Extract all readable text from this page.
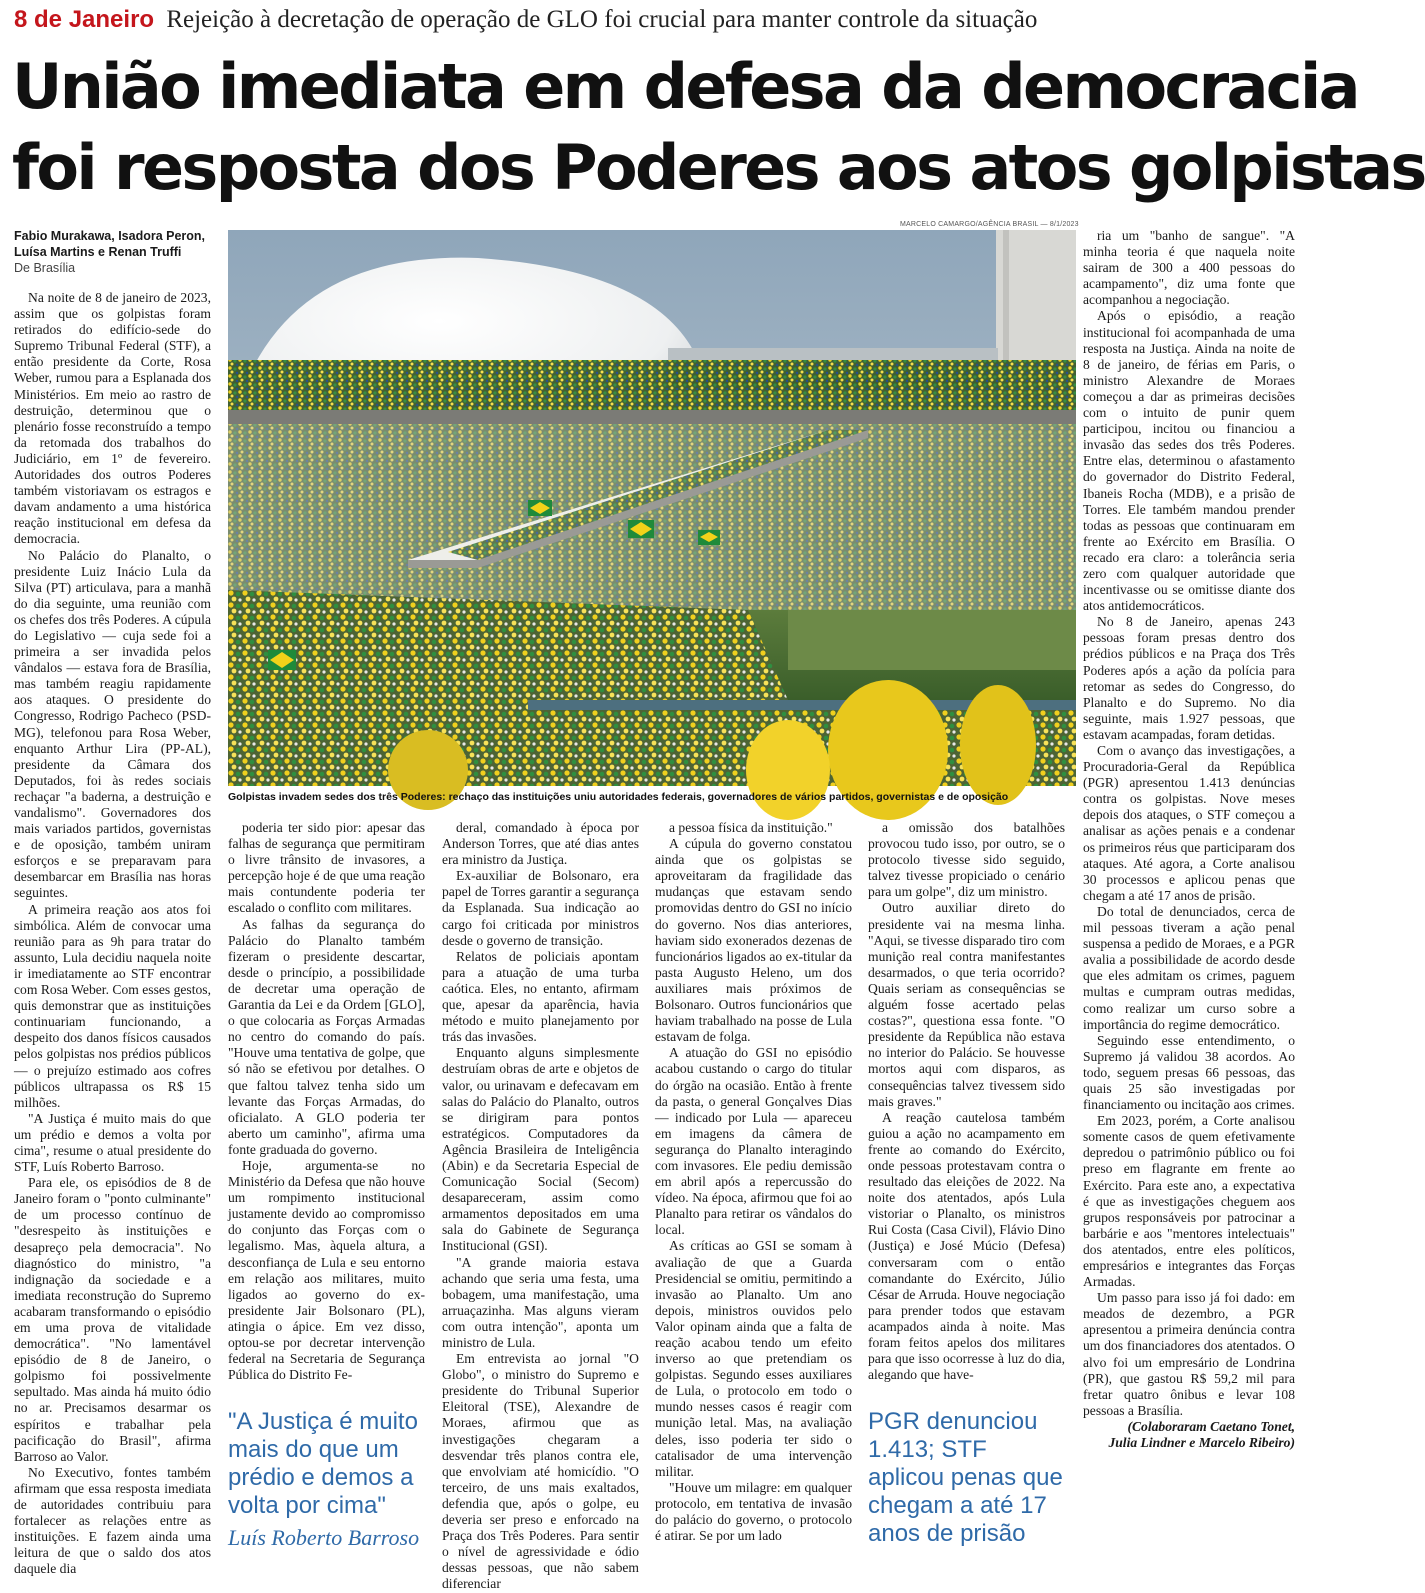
8 de Janeiro Rejeição à decretação de operação de GLO foi crucial para manter controle da situação
União imediata em defesa da democracia
foi resposta dos Poderes aos atos golpistas
Fabio Murakawa, Isadora Peron,
Luísa Martins e Renan Truffi
De Brasília
MARCELO CAMARGO/AGÊNCIA BRASIL — 8/1/2023
Golpistas invadem sedes dos três Poderes: rechaço das instituições uniu autoridades federais, governadores de vários partidos, governistas e de oposição

Na noite de 8 de janeiro de 2023, assim que os golpistas foram retirados do edifício-sede do Supremo Tribunal Federal (STF), a então presidente da Corte, Rosa Weber, rumou para a Esplanada dos Ministérios. Em meio ao rastro de destruição, determinou que o plenário fosse reconstruído a tempo da retomada dos trabalhos do Judiciário, em 1º de fevereiro. Autoridades dos outros Poderes também vistoriavam os estragos e davam andamento a uma histórica reação institucional em defesa da democracia.

No Palácio do Planalto, o presidente Luiz Inácio Lula da Silva (PT) articulava, para a manhã do dia seguinte, uma reunião com os chefes dos três Poderes. A cúpula do Legislativo — cuja sede foi a primeira a ser invadida pelos vândalos — estava fora de Brasília, mas também reagiu rapidamente aos ataques. O presidente do Congresso, Rodrigo Pacheco (PSD-MG), telefonou para Rosa Weber, enquanto Arthur Lira (PP-AL), presidente da Câmara dos Deputados, foi às redes sociais rechaçar "a baderna, a destruição e vandalismo". Governadores dos mais variados partidos, governistas e de oposição, também uniram esforços e se preparavam para desembarcar em Brasília nas horas seguintes.

A primeira reação aos atos foi simbólica. Além de convocar uma reunião para as 9h para tratar do assunto, Lula decidiu naquela noite ir imediatamente ao STF encontrar com Rosa Weber. Com esses gestos, quis demonstrar que as instituições continuariam funcionando, a despeito dos danos físicos causados pelos golpistas nos prédios públicos — o prejuízo estimado aos cofres públicos ultrapassa os R$ 15 milhões.

"A Justiça é muito mais do que um prédio e demos a volta por cima", resume o atual presidente do STF, Luís Roberto Barroso.

Para ele, os episódios de 8 de Janeiro foram o "ponto culminante" de um processo contínuo de "desrespeito às instituições e desapreço pela democracia". No diagnóstico do ministro, "a indignação da sociedade e a imediata reconstrução do Supremo acabaram transformando o episódio em uma prova de vitalidade democrática". "No lamentável episódio de 8 de Janeiro, o golpismo foi possivelmente sepultado. Mas ainda há muito ódio no ar. Precisamos desarmar os espíritos e trabalhar pela pacificação do Brasil", afirma Barroso ao Valor.

No Executivo, fontes também afirmam que essa resposta imediata de autoridades contribuiu para fortalecer as relações entre as instituições. E fazem ainda uma leitura de que o saldo dos atos daquele dia

poderia ter sido pior: apesar das falhas de segurança que permitiram o livre trânsito de invasores, a percepção hoje é de que uma reação mais contundente poderia ter escalado o conflito com militares.

As falhas da segurança do Palácio do Planalto também fizeram o presidente descartar, desde o princípio, a possibilidade de decretar uma operação de Garantia da Lei e da Ordem [GLO], o que colocaria as Forças Armadas no centro do comando do país. "Houve uma tentativa de golpe, que só não se efetivou por detalhes. O que faltou talvez tenha sido um levante das Forças Armadas, do oficialato. A GLO poderia ter aberto um caminho", afirma uma fonte graduada do governo.

Hoje, argumenta-se no Ministério da Defesa que não houve um rompimento institucional justamente devido ao compromisso do conjunto das Forças com o legalismo. Mas, àquela altura, a desconfiança de Lula e seu entorno em relação aos militares, muito ligados ao governo do ex-presidente Jair Bolsonaro (PL), atingia o ápice. Em vez disso, optou-se por decretar intervenção federal na Secretaria de Segurança Pública do Distrito Fe-

"A Justiça é muito mais do que um prédio e demos a volta por cima"
Luís Roberto Barroso

deral, comandado à época por Anderson Torres, que até dias antes era ministro da Justiça.

Ex-auxiliar de Bolsonaro, era papel de Torres garantir a segurança da Esplanada. Sua indicação ao cargo foi criticada por ministros desde o governo de transição.

Relatos de policiais apontam para a atuação de uma turba caótica. Eles, no entanto, afirmam que, apesar da aparência, havia método e muito planejamento por trás das invasões.

Enquanto alguns simplesmente destruíam obras de arte e objetos de valor, ou urinavam e defecavam em salas do Palácio do Planalto, outros se dirigiram para pontos estratégicos. Computadores da Agência Brasileira de Inteligência (Abin) e da Secretaria Especial de Comunicação Social (Secom) desapareceram, assim como armamentos depositados em uma sala do Gabinete de Segurança Institucional (GSI).

"A grande maioria estava achando que seria uma festa, uma bobagem, uma manifestação, uma arruaçazinha. Mas alguns vieram com outra intenção", aponta um ministro de Lula.

Em entrevista ao jornal "O Globo", o ministro do Supremo e presidente do Tribunal Superior Eleitoral (TSE), Alexandre de Moraes, afirmou que as investigações chegaram a desvendar três planos contra ele, que envolviam até homicídio. "O terceiro, de uns mais exaltados, defendia que, após o golpe, eu deveria ser preso e enforcado na Praça dos Três Poderes. Para sentir o nível de agressividade e ódio dessas pessoas, que não sabem diferenciar

a pessoa física da instituição."

A cúpula do governo constatou ainda que os golpistas se aproveitaram da fragilidade das mudanças que estavam sendo promovidas dentro do GSI no início do governo. Nos dias anteriores, haviam sido exonerados dezenas de funcionários ligados ao ex-titular da pasta Augusto Heleno, um dos auxiliares mais próximos de Bolsonaro. Outros funcionários que haviam trabalhado na posse de Lula estavam de folga.

A atuação do GSI no episódio acabou custando o cargo do titular do órgão na ocasião. Então à frente da pasta, o general Gonçalves Dias — indicado por Lula — apareceu em imagens da câmera de segurança do Planalto interagindo com invasores. Ele pediu demissão em abril após a repercussão do vídeo. Na época, afirmou que foi ao Planalto para retirar os vândalos do local.

As críticas ao GSI se somam à avaliação de que a Guarda Presidencial se omitiu, permitindo a invasão ao Planalto. Um ano depois, ministros ouvidos pelo Valor opinam ainda que a falta de reação acabou tendo um efeito inverso ao que pretendiam os golpistas. Segundo esses auxiliares de Lula, o protocolo em todo o mundo nesses casos é reagir com munição letal. Mas, na avaliação deles, isso poderia ter sido o catalisador de uma intervenção militar.

"Houve um milagre: em qualquer protocolo, em tentativa de invasão do palácio do governo, o protocolo é atirar. Se por um lado

a omissão dos batalhões provocou tudo isso, por outro, se o protocolo tivesse sido seguido, talvez tivesse propiciado o cenário para um golpe", diz um ministro.

Outro auxiliar direto do presidente vai na mesma linha. "Aqui, se tivesse disparado tiro com munição real contra manifestantes desarmados, o que teria ocorrido? Quais seriam as consequências se alguém fosse acertado pelas costas?", questiona essa fonte. "O presidente da República não estava no interior do Palácio. Se houvesse mortos aqui com disparos, as consequências talvez tivessem sido mais graves."

A reação cautelosa também guiou a ação no acampamento em frente ao comando do Exército, onde pessoas protestavam contra o resultado das eleições de 2022. Na noite dos atentados, após Lula vistoriar o Planalto, os ministros Rui Costa (Casa Civil), Flávio Dino (Justiça) e José Múcio (Defesa) conversaram com o então comandante do Exército, Júlio César de Arruda. Houve negociação para prender todos que estavam acampados ainda à noite. Mas foram feitos apelos dos militares para que isso ocorresse à luz do dia, alegando que have-

PGR denunciou 1.413; STF aplicou penas que chegam a até 17 anos de prisão

ria um "banho de sangue". "A minha teoria é que naquela noite sairam de 300 a 400 pessoas do acampamento", diz uma fonte que acompanhou a negociação.

Após o episódio, a reação institucional foi acompanhada de uma resposta na Justiça. Ainda na noite de 8 de janeiro, de férias em Paris, o ministro Alexandre de Moraes começou a dar as primeiras decisões com o intuito de punir quem participou, incitou ou financiou a invasão das sedes dos três Poderes. Entre elas, determinou o afastamento do governador do Distrito Federal, Ibaneis Rocha (MDB), e a prisão de Torres. Ele também mandou prender todas as pessoas que continuaram em frente ao Exército em Brasília. O recado era claro: a tolerância seria zero com qualquer autoridade que incentivasse ou se omitisse diante dos atos antidemocráticos.

No 8 de Janeiro, apenas 243 pessoas foram presas dentro dos prédios públicos e na Praça dos Três Poderes após a ação da polícia para retomar as sedes do Congresso, do Planalto e do Supremo. No dia seguinte, mais 1.927 pessoas, que estavam acampadas, foram detidas.

Com o avanço das investigações, a Procuradoria-Geral da República (PGR) apresentou 1.413 denúncias contra os golpistas. Nove meses depois dos ataques, o STF começou a analisar as ações penais e a condenar os primeiros réus que participaram dos ataques. Até agora, a Corte analisou 30 processos e aplicou penas que chegam a até 17 anos de prisão.

Do total de denunciados, cerca de mil pessoas tiveram a ação penal suspensa a pedido de Moraes, e a PGR avalia a possibilidade de acordo desde que eles admitam os crimes, paguem multas e cumpram outras medidas, como realizar um curso sobre a importância do regime democrático.

Seguindo esse entendimento, o Supremo já validou 38 acordos. Ao todo, seguem presas 66 pessoas, das quais 25 são investigadas por financiamento ou incitação aos crimes.

Em 2023, porém, a Corte analisou somente casos de quem efetivamente depredou o patrimônio público ou foi preso em flagrante em frente ao Exército. Para este ano, a expectativa é que as investigações cheguem aos grupos responsáveis por patrocinar a barbárie e aos "mentores intelectuais" dos atentados, entre eles políticos, empresários e integrantes das Forças Armadas.

Um passo para isso já foi dado: em meados de dezembro, a PGR apresentou a primeira denúncia contra um dos financiadores dos atentados. O alvo foi um empresário de Londrina (PR), que gastou R$ 59,2 mil para fretar quatro ônibus e levar 108 pessoas a Brasília.

(Colaboraram Caetano Tonet, Julia Lindner e Marcelo Ribeiro)
